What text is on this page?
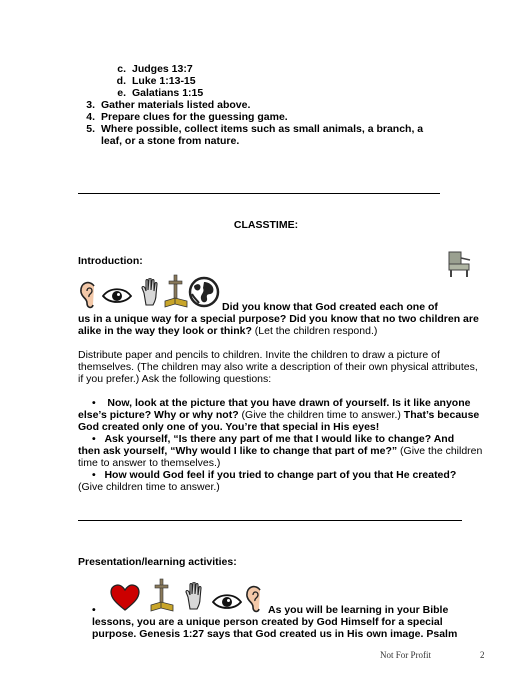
c. Judges 13:7
d. Luke 1:13-15
e. Galatians 1:15
3. Gather materials listed above.
4. Prepare clues for the guessing game.
5. Where possible, collect items such as small animals, a branch, a
leaf, or a stone from nature.
CLASSTIME:
Introduction:
Did you know that God created each one of
us in a unique way for a special purpose? Did you know that no two children are
alike in the way they look or think? (Let the children respond.)
Distribute paper and pencils to children. Invite the children to draw a picture of
themselves. (The children may also write a description of their own physical attributes,
if you prefer.) Ask the following questions:
• Now, look at the picture that you have drawn of yourself. Is it like anyone
else’s picture? Why or why not? (Give the children time to answer.) That’s because
God created only one of you. You’re that special in His eyes!
• Ask yourself, “Is there any part of me that I would like to change? And
then ask yourself, “Why would I like to change that part of me?” (Give the children
time to answer to themselves.)
• How would God feel if you tried to change part of you that He created?
(Give children time to answer.)
Presentation/learning activities:
•	As you will be learning in your Bible
lessons, you are a unique person created by God Himself for a special
purpose. Genesis 1:27 says that God created us in His own image. Psalm
Not For Profit	2
